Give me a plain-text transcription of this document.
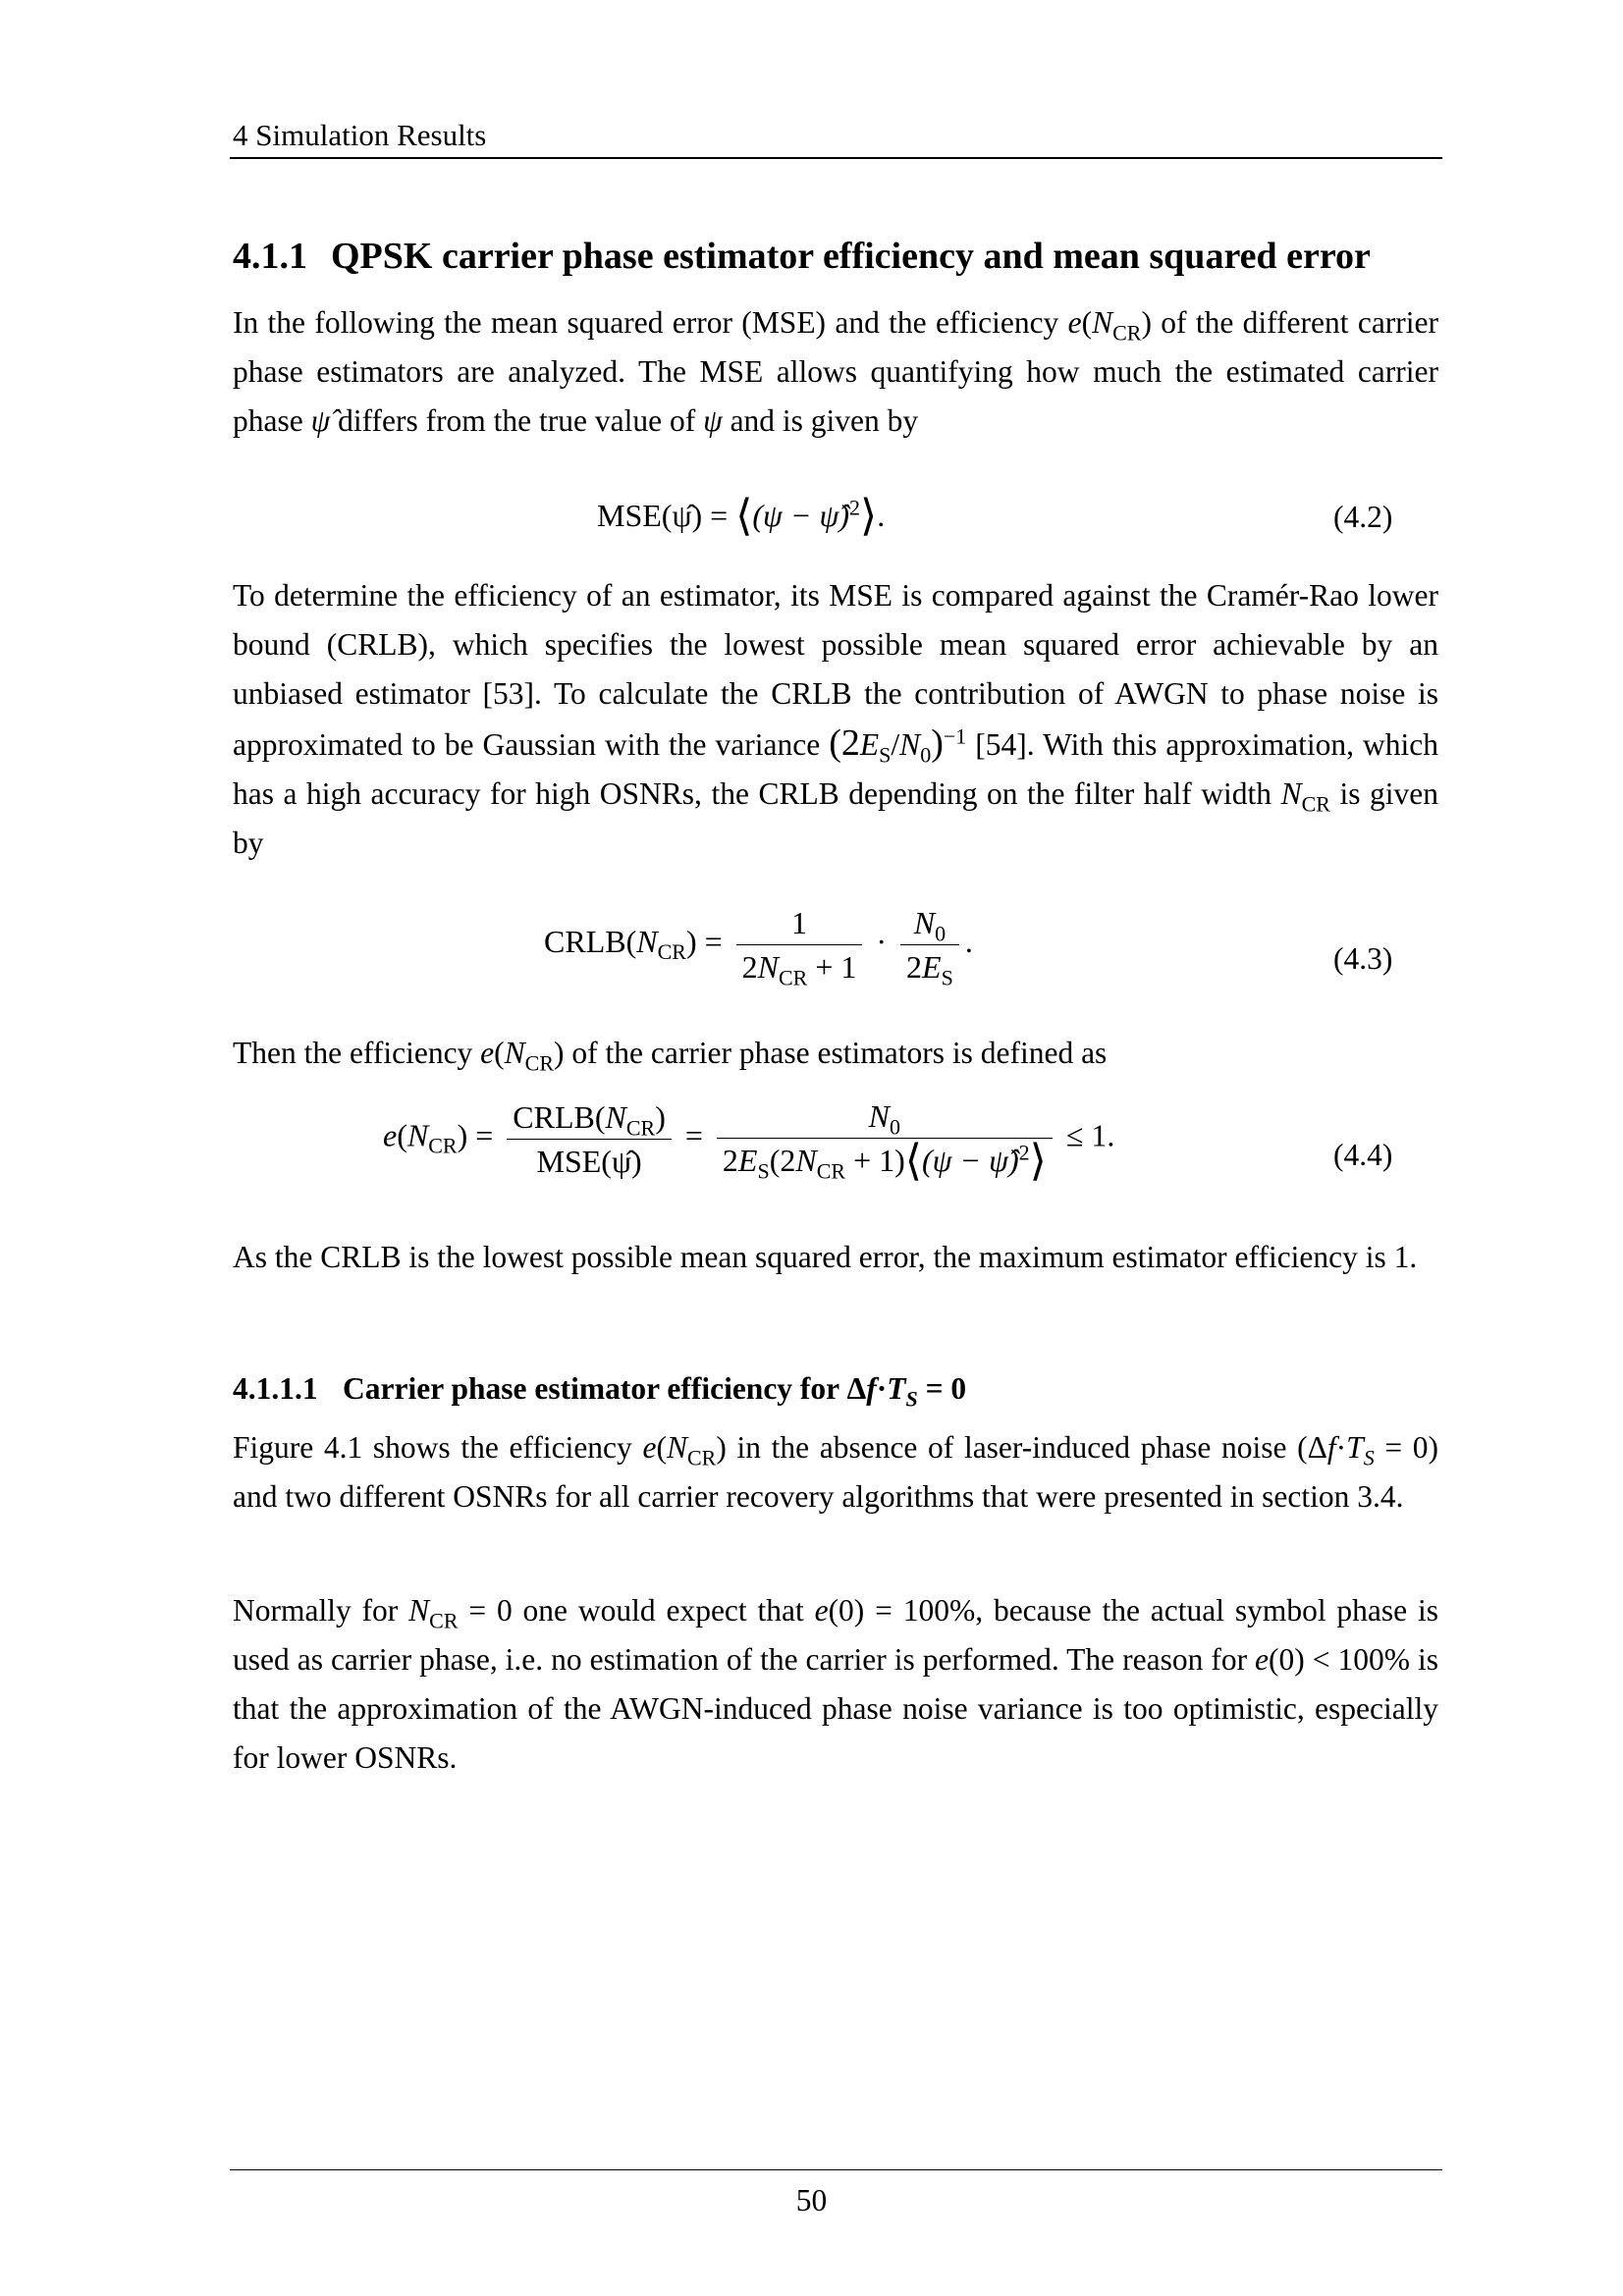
4 Simulation Results
4.1.1 QPSK carrier phase estimator efficiency and mean squared error
In the following the mean squared error (MSE) and the efficiency $e(N_{CR})$ of the different carrier phase estimators are analyzed. The MSE allows quantifying how much the estimated carrier phase ψ̂ differs from the true value of ψ and is given by
MSE(ψ̂) = ⟨(ψ − ψ̂)$^2$⟩.	(4.2)
To determine the efficiency of an estimator, its MSE is compared against the Cramér-Rao lower bound (CRLB), which specifies the lowest possible mean squared error achievable by an unbiased estimator [53]. To calculate the CRLB the contribution of AWGN to phase noise is approximated to be Gaussian with the variance $(2E_S/N_0)^{-1}$ [54]. With this approximation, which has a high accuracy for high OSNRs, the CRLB depending on the filter half width $N_{CR}$ is given by
$CRLB(N_{CR}) = \frac{1}{2N_{CR} + 1} \cdot \frac{N_0}{2E_S}$ .	(4.3)
Then the efficiency $e(N_{CR})$ of the carrier phase estimators is defined as
$e(N_{CR}) = \frac{CRLB(N_{CR})}{\text{MSE(ψ̂)}} = \frac{N_0}{2E_S(2N_{CR} + 1)⟨(\psi - \psî)^2⟩} \le 1$.
(4.4)
As the CRLB is the lowest possible mean squared error, the maximum estimator efficiency is 1.
4.1.1.1 Carrier phase estimator efficiency for $\Delta f\cdot T_S = 0$
Figure 4.1 shows the efficiency $e(N_{CR})$ in the absence of laser-induced phase noise $(\Delta f\cdot T_S = 0)$ and two different OSNRs for all carrier recovery algorithms that were presented in section 3.4.
Normally for $N_{CR} = 0$ one would expect that e(0) = 100%, because the actual symbol phase is used as carrier phase, i.e. no estimation of the carrier is performed. The reason for e(0) < 100% is that the approximation of the AWGN-induced phase noise variance is too optimistic, especially for lower OSNRs.
50
